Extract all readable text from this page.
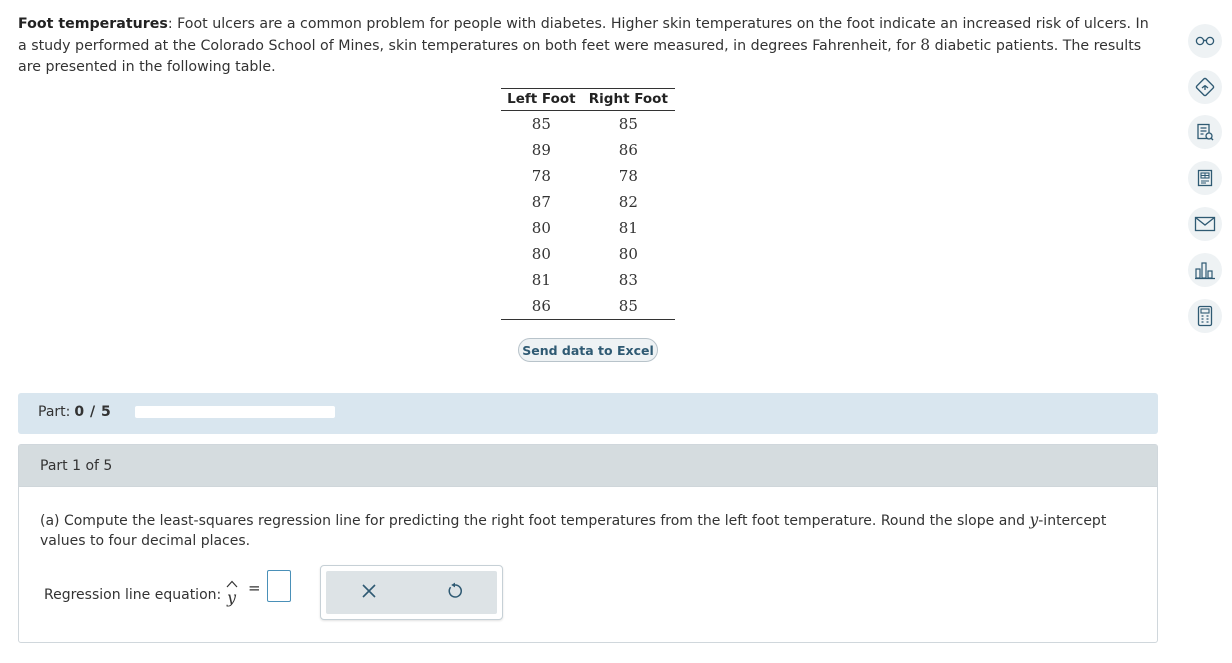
Foot temperatures: Foot ulcers are a common problem for people with diabetes. Higher skin temperatures on the foot indicate an increased risk of ulcers. In a study performed at the Colorado School of Mines, skin temperatures on both feet were measured, in degrees Fahrenheit, for 8 diabetic patients. The results are presented in the following table.
Left Foot	Right Foot
85	85
89	86
78	78
87	82
80	81
80	80
81	83
86	85
Send data to Excel
Part: 0 / 5
Part 1 of 5
(a) Compute the least-squares regression line for predicting the right foot temperatures from the left foot temperature. Round the slope and y-intercept values to four decimal places.
Regression line equation: y =
